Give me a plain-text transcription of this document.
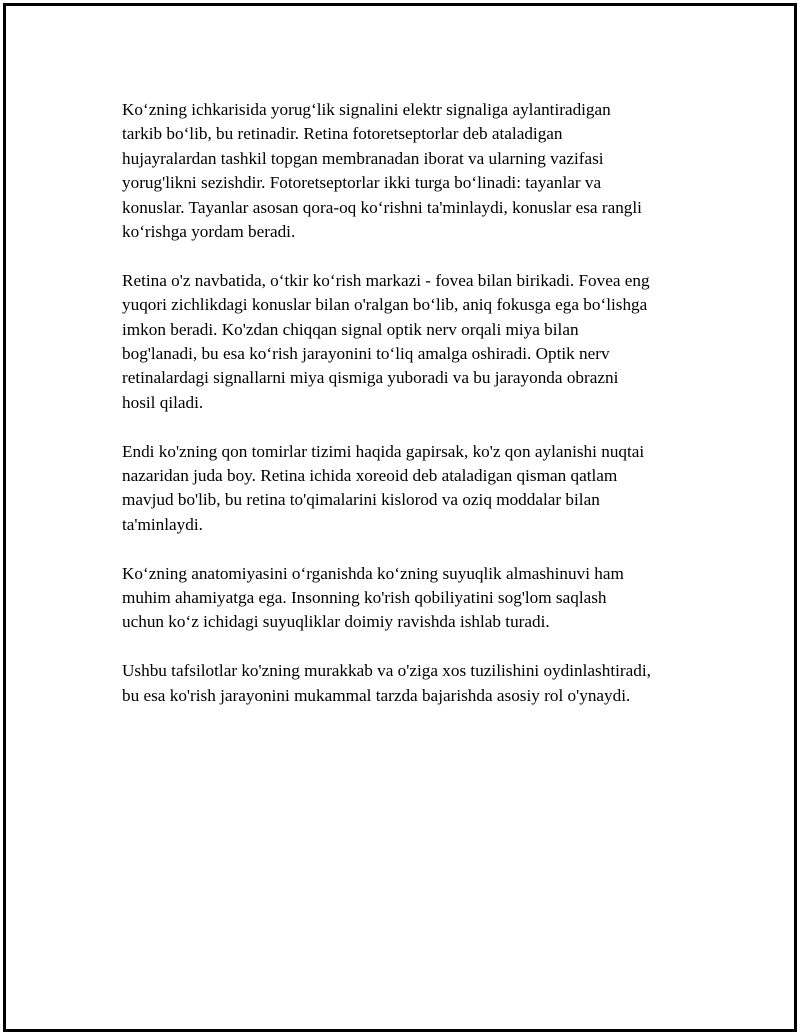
Ko‘zning ichkarisida yorug‘lik signalini elektr signaliga aylantiradigan
tarkib bo‘lib, bu retinadir. Retina fotoretseptorlar deb ataladigan
hujayralardan tashkil topgan membranadan iborat va ularning vazifasi
yorug'likni sezishdir. Fotoretseptorlar ikki turga bo‘linadi: tayanlar va
konuslar. Tayanlar asosan qora-oq ko‘rishni ta'minlaydi, konuslar esa rangli
ko‘rishga yordam beradi.

Retina o'z navbatida, o‘tkir ko‘rish markazi - fovea bilan birikadi. Fovea eng
yuqori zichlikdagi konuslar bilan o'ralgan bo‘lib, aniq fokusga ega bo‘lishga
imkon beradi. Ko'zdan chiqqan signal optik nerv orqali miya bilan
bog'lanadi, bu esa ko‘rish jarayonini to‘liq amalga oshiradi. Optik nerv
retinalardagi signallarni miya qismiga yuboradi va bu jarayonda obrazni
hosil qiladi.

Endi ko'zning qon tomirlar tizimi haqida gapirsak, ko'z qon aylanishi nuqtai
nazaridan juda boy. Retina ichida xoreoid deb ataladigan qisman qatlam
mavjud bo'lib, bu retina to'qimalarini kislorod va oziq moddalar bilan
ta'minlaydi.

Ko‘zning anatomiyasini o‘rganishda ko‘zning suyuqlik almashinuvi ham
muhim ahamiyatga ega. Insonning ko'rish qobiliyatini sog'lom saqlash
uchun ko‘z ichidagi suyuqliklar doimiy ravishda ishlab turadi.

Ushbu tafsilotlar ko'zning murakkab va o'ziga xos tuzilishini oydinlashtiradi,
bu esa ko'rish jarayonini mukammal tarzda bajarishda asosiy rol o'ynaydi.
